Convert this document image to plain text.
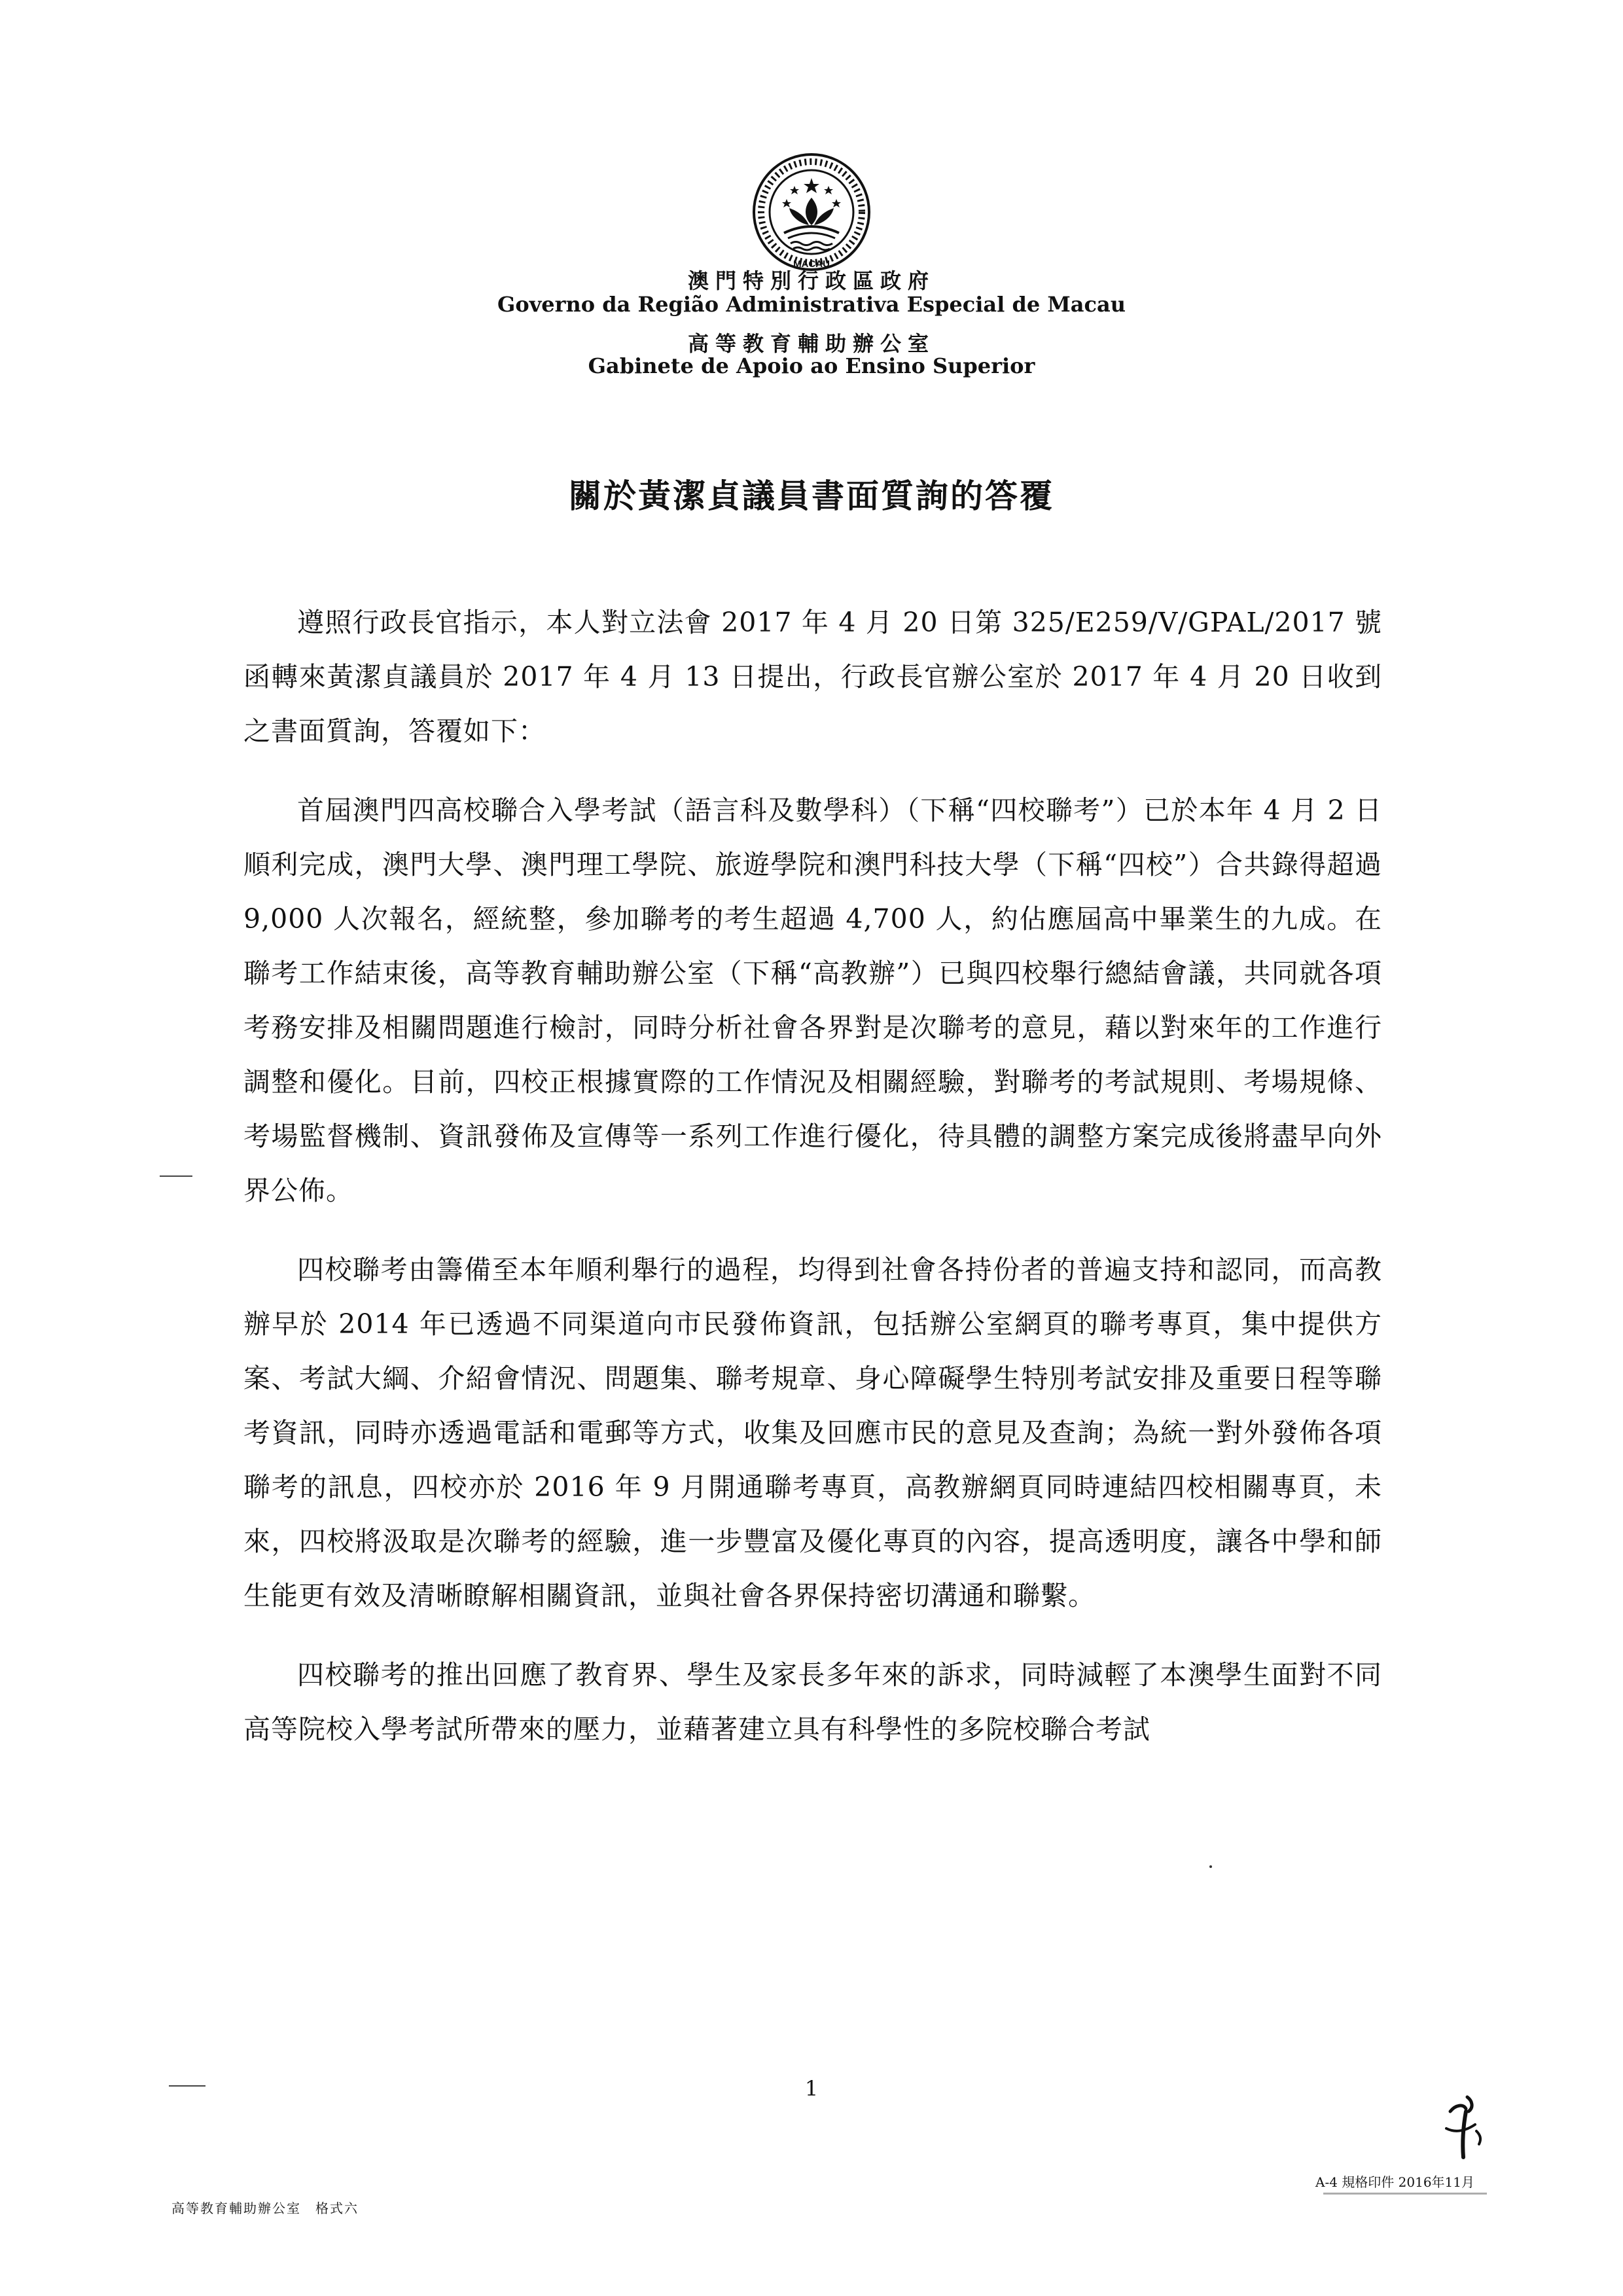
MACAU
澳門特別行政區政府
Governo da Região Administrativa Especial de Macau
高等教育輔助辦公室
Gabinete de Apoio ao Ensino Superior
關於黃潔貞議員書面質詢的答覆

遵照行政長官指示，本人對立法會 2017 年 4 月 20 日第 325/E259/V/GPAL/2017 號函轉來黃潔貞議員於 2017 年 4 月 13 日提出，行政長官辦公室於 2017 年 4 月 20 日收到之書面質詢，答覆如下：

首屆澳門四高校聯合入學考試（語言科及數學科）（下稱“四校聯考”）已於本年 4 月 2 日順利完成，澳門大學、澳門理工學院、旅遊學院和澳門科技大學（下稱“四校”）合共錄得超過 9,000 人次報名，經統整，參加聯考的考生超過 4,700 人，約佔應屆高中畢業生的九成。在聯考工作結束後，高等教育輔助辦公室（下稱“高教辦”）已與四校舉行總結會議，共同就各項考務安排及相關問題進行檢討，同時分析社會各界對是次聯考的意見，藉以對來年的工作進行調整和優化。目前，四校正根據實際的工作情況及相關經驗，對聯考的考試規則、考場規條、考場監督機制、資訊發佈及宣傳等一系列工作進行優化，待具體的調整方案完成後將盡早向外界公佈。

四校聯考由籌備至本年順利舉行的過程，均得到社會各持份者的普遍支持和認同，而高教辦早於 2014 年已透過不同渠道向市民發佈資訊，包括辦公室網頁的聯考專頁，集中提供方案、考試大綱、介紹會情況、問題集、聯考規章、身心障礙學生特別考試安排及重要日程等聯考資訊，同時亦透過電話和電郵等方式，收集及回應市民的意見及查詢；為統一對外發佈各項聯考的訊息，四校亦於 2016 年 9 月開通聯考專頁，高教辦網頁同時連結四校相關專頁，未來，四校將汲取是次聯考的經驗，進一步豐富及優化專頁的內容，提高透明度，讓各中學和師生能更有效及清晰瞭解相關資訊，並與社會各界保持密切溝通和聯繫。

四校聯考的推出回應了教育界、學生及家長多年來的訴求，同時減輕了本澳學生面對不同高等院校入學考試所帶來的壓力，並藉著建立具有科學性的多院校聯合考試

1
高等教育輔助辦公室　格式六
A-4 規格印件 2016年11月
